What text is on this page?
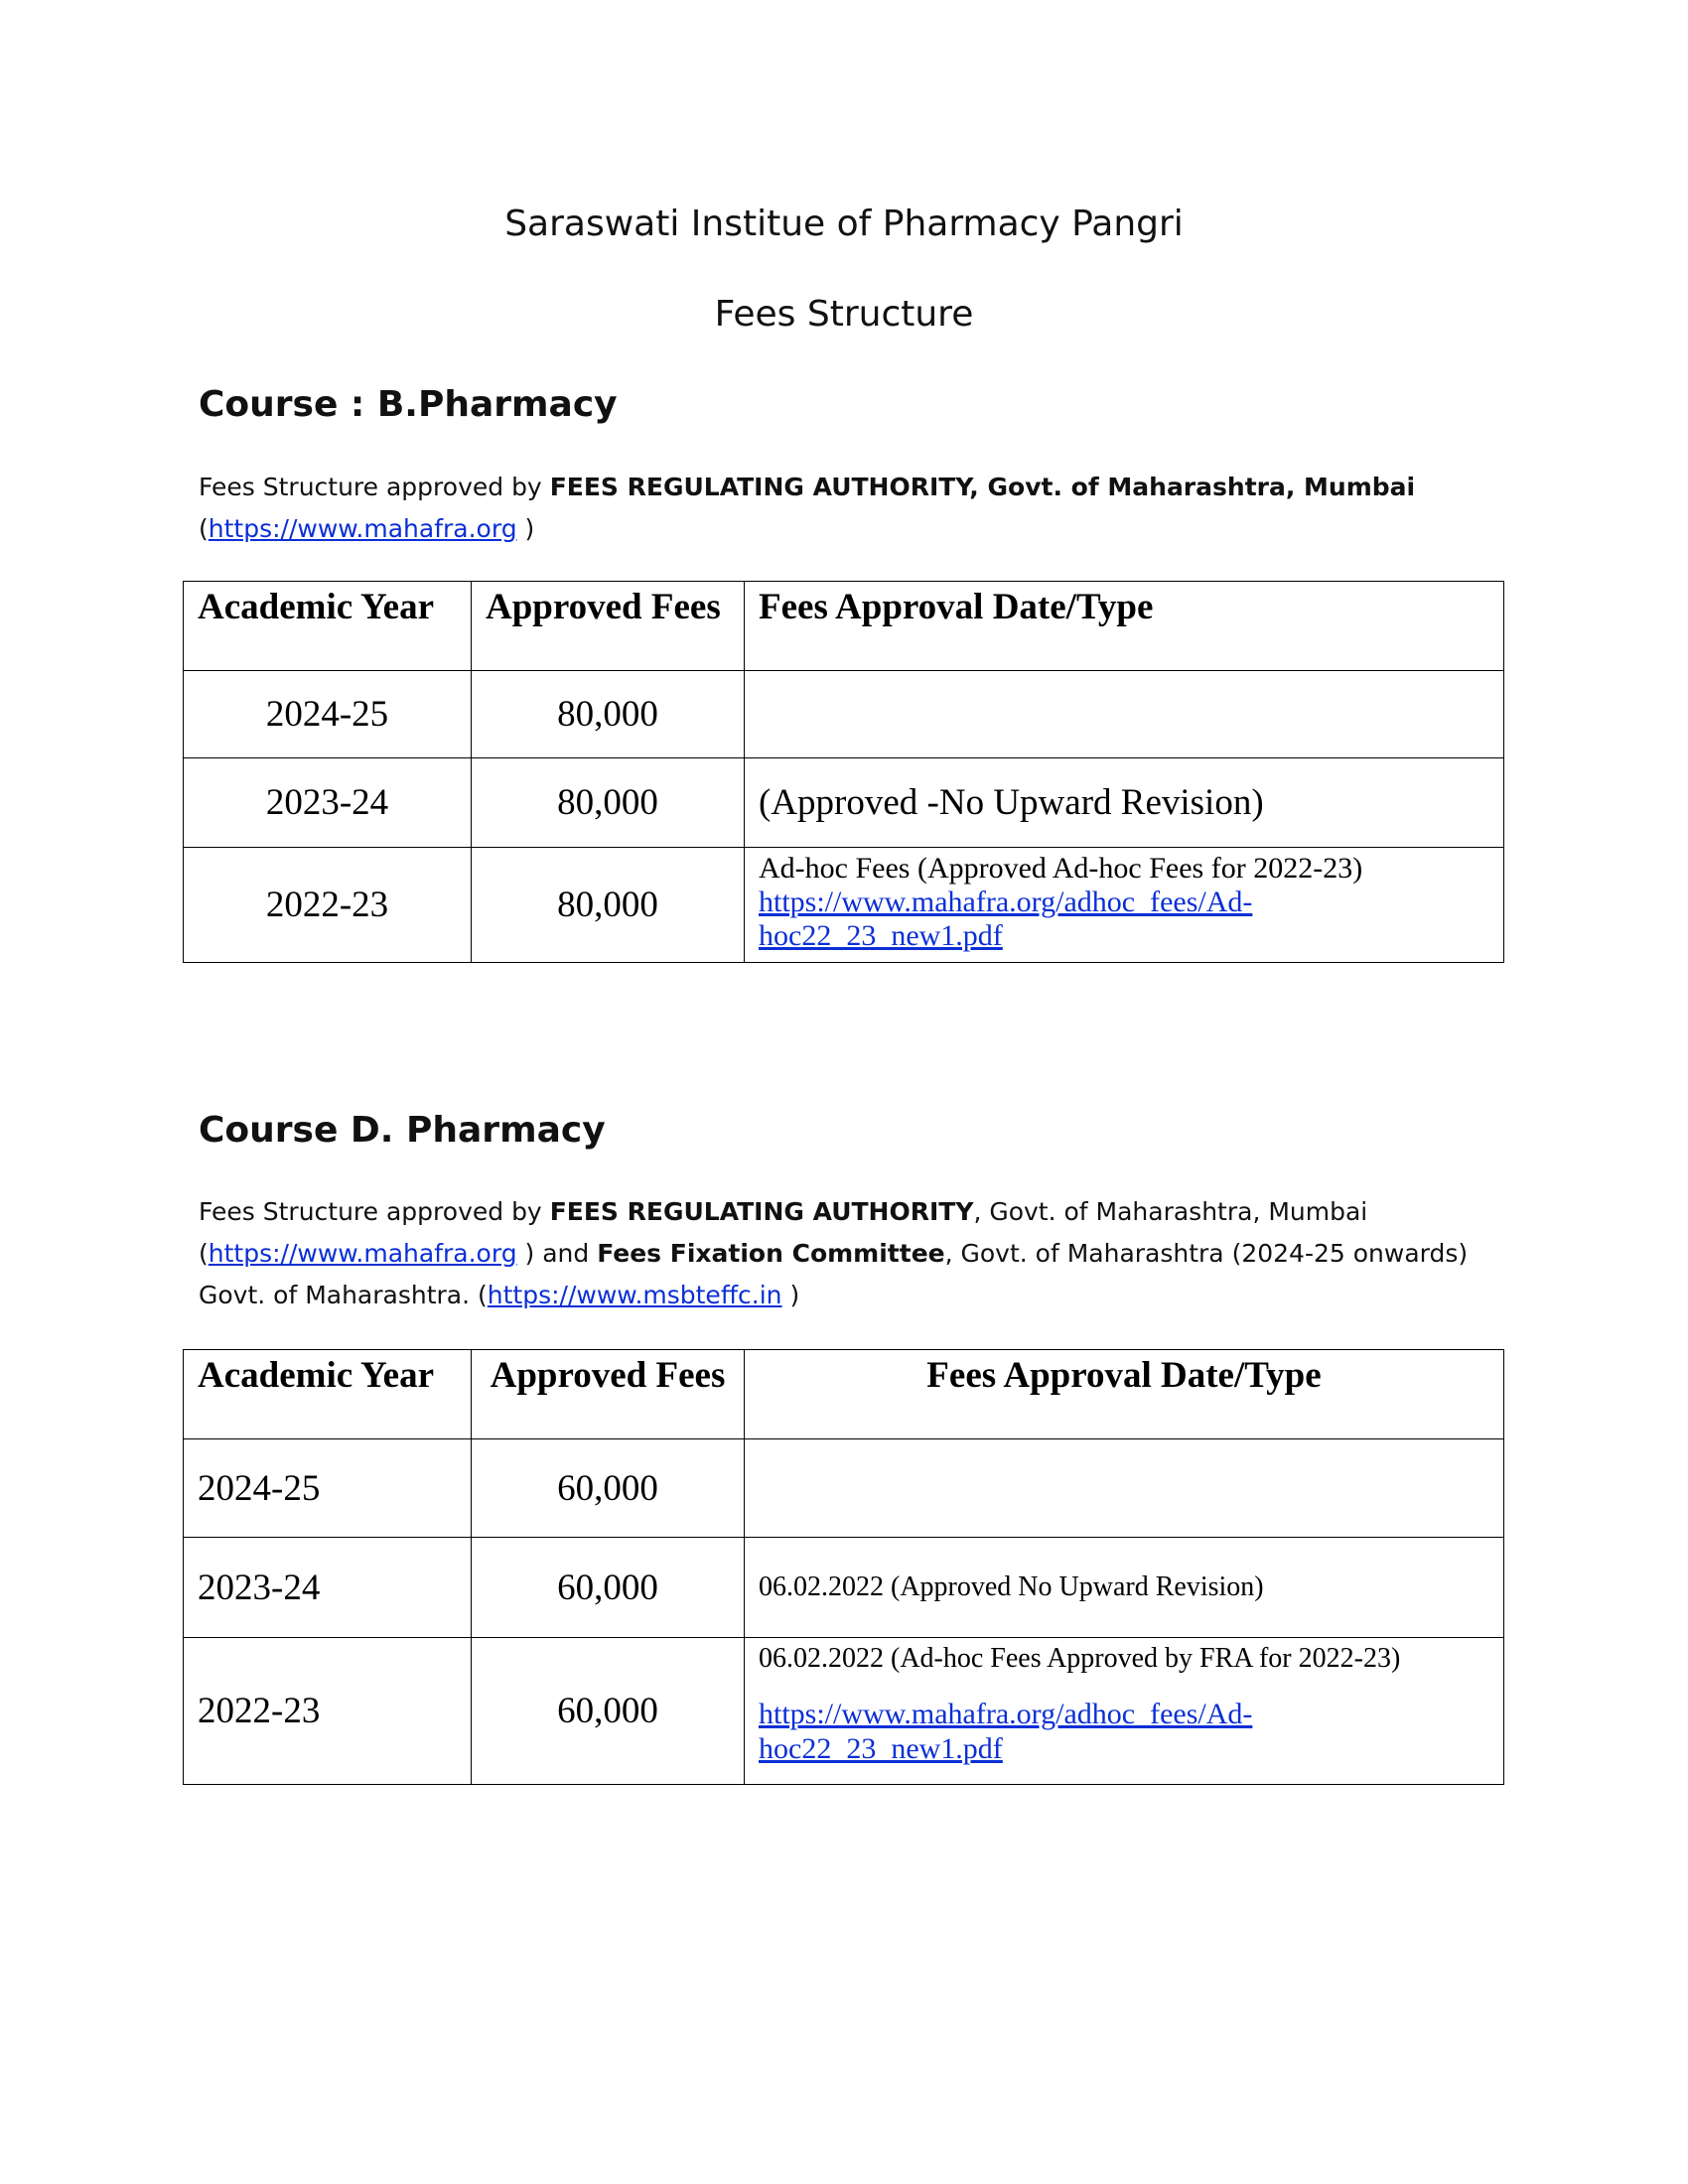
Saraswati Institue of Pharmacy Pangri
Fees Structure
Course : B.Pharmacy
Fees Structure approved by FEES REGULATING AUTHORITY, Govt. of Maharashtra, Mumbai
(https://www.mahafra.org )
Academic Year	Approved Fees	Fees Approval Date/Type
2024-25	80,000	
2023-24	80,000	(Approved -No Upward Revision)
2022-23	80,000	Ad-hoc Fees (Approved Ad-hoc Fees for 2022-23)
https://www.mahafra.org/adhoc_fees/Ad-
hoc22_23_new1.pdf
Course D. Pharmacy
Fees Structure approved by FEES REGULATING AUTHORITY, Govt. of Maharashtra, Mumbai
(https://www.mahafra.org ) and Fees Fixation Committee, Govt. of Maharashtra (2024-25 onwards)
Govt. of Maharashtra. (https://www.msbteffc.in )
Academic Year	Approved Fees	Fees Approval Date/Type
2024-25	60,000	
2023-24	60,000	06.02.2022 (Approved No Upward Revision)
2022-23	60,000	06.02.2022 (Ad-hoc Fees Approved by FRA for 2022-23)
https://www.mahafra.org/adhoc_fees/Ad-
hoc22_23_new1.pdf
